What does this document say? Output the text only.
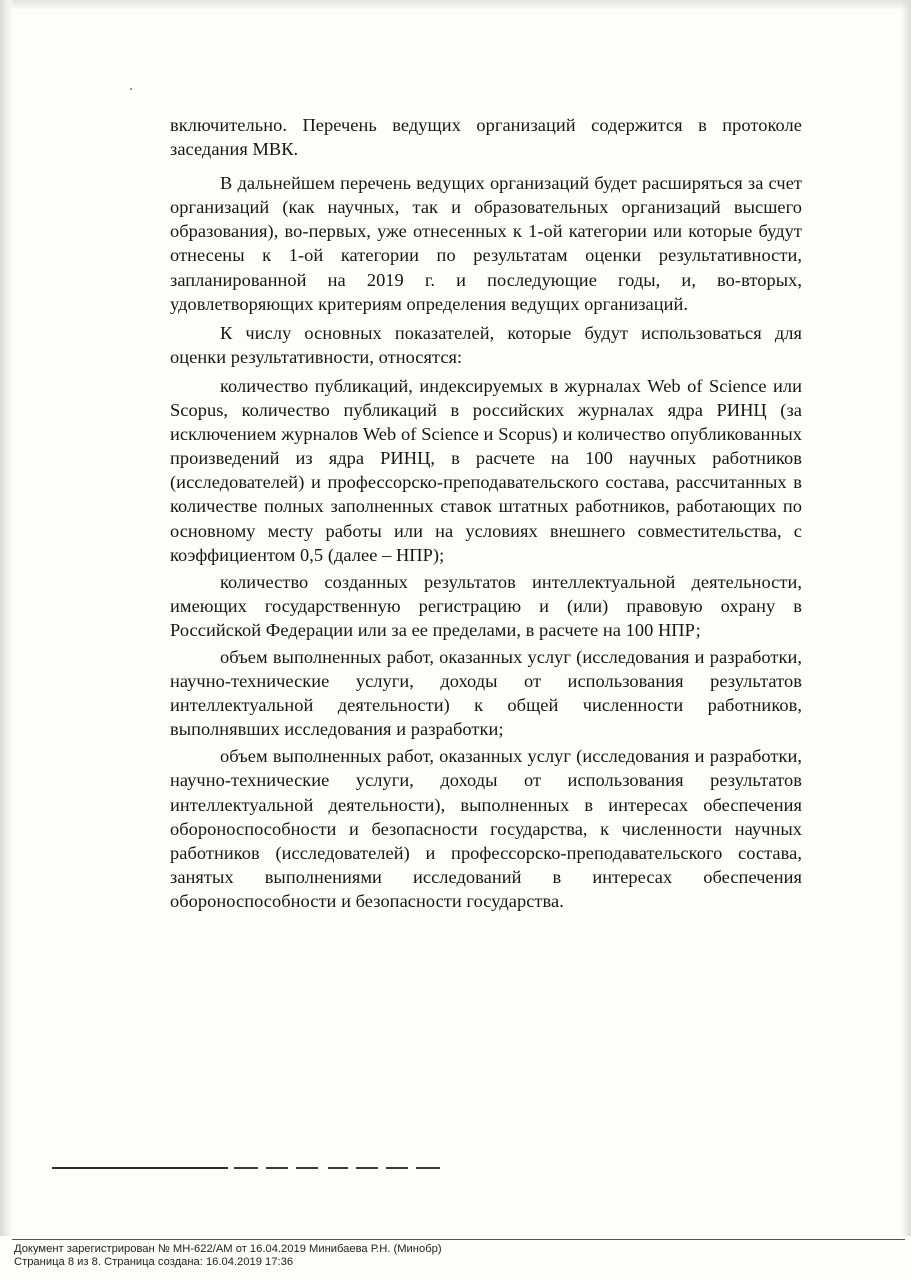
включительно. Перечень ведущих организаций содержится в протоколе заседания МВК.

В дальнейшем перечень ведущих организаций будет расширяться за счет организаций (как научных, так и образовательных организаций высшего образования), во-первых, уже отнесенных к 1-ой категории или которые будут отнесены к 1-ой категории по результатам оценки результативности, запланированной на 2019 г. и последующие годы, и, во-вторых, удовлетворяющих критериям определения ведущих организаций.

К числу основных показателей, которые будут использоваться для оценки результативности, относятся:

количество публикаций, индексируемых в журналах Web of Science или Scopus, количество публикаций в российских журналах ядра РИНЦ (за исключением журналов Web of Science и Scopus) и количество опубликованных произведений из ядра РИНЦ, в расчете на 100 научных работников (исследователей) и профессорско-преподавательского состава, рассчитанных в количестве полных заполненных ставок штатных работников, работающих по основному месту работы или на условиях внешнего совместительства, с коэффициентом 0,5 (далее – НПР);

количество созданных результатов интеллектуальной деятельности, имеющих государственную регистрацию и (или) правовую охрану в Российской Федерации или за ее пределами, в расчете на 100 НПР;

объем выполненных работ, оказанных услуг (исследования и разработки, научно-технические услуги, доходы от использования результатов интеллектуальной деятельности) к общей численности работников, выполнявших исследования и разработки;

объем выполненных работ, оказанных услуг (исследования и разработки, научно-технические услуги, доходы от использования результатов интеллектуальной деятельности), выполненных в интересах обеспечения обороноспособности и безопасности государства, к численности научных работников (исследователей) и профессорско-преподавательского состава, занятых выполнениями исследований в интересах обеспечения обороноспособности и безопасности государства.

Документ зарегистрирован № МН-622/АМ от 16.04.2019 Минибаева Р.Н. (Минобр)
Страница 8 из 8. Страница создана: 16.04.2019 17:36
